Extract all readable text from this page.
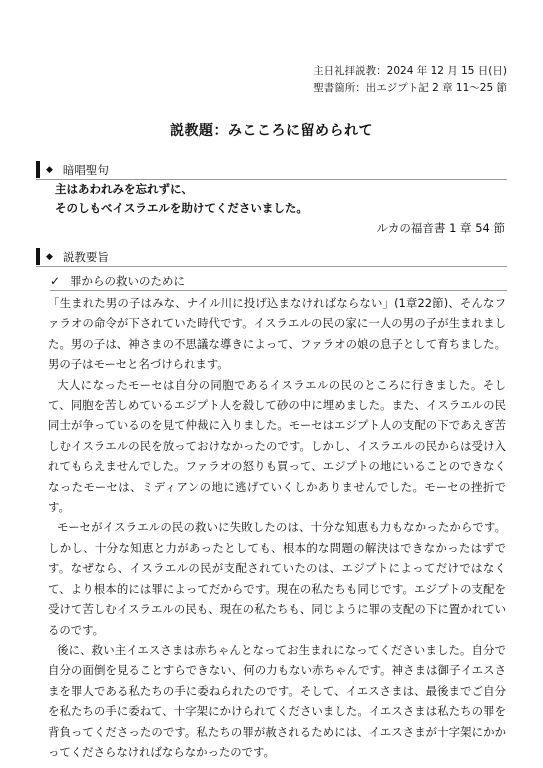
主日礼拝説教：2024 年 12 月 15 日(日)
聖書箇所：出エジプト記 2 章 11～25 節
説教題：みこころに留められて
◆ 暗唱聖句
主はあわれみを忘れずに、
そのしもべイスラエルを助けてくださいました。
ルカの福音書 1 章 54 節
◆ 説教要旨
✓ 罪からの救いのために

「生まれた男の子はみな、ナイル川に投げ込まなければならない」(1章22節)、そんなファラオの命令が下されていた時代です。イスラエルの民の家に一人の男の子が生まれました。男の子は、神さまの不思議な導きによって、ファラオの娘の息子として育ちました。男の子はモーセと名づけられます。

大人になったモーセは自分の同胞であるイスラエルの民のところに行きました。そして、同胞を苦しめているエジプト人を殺して砂の中に埋めました。また、イスラエルの民同士が争っているのを見て仲裁に入りました。モーセはエジプト人の支配の下であえぎ苦しむイスラエルの民を放っておけなかったのです。しかし、イスラエルの民からは受け入れてもらえませんでした。ファラオの怒りも買って、エジプトの地にいることのできなくなったモーセは、ミディアンの地に逃げていくしかありませんでした。モーセの挫折です。

モーセがイスラエルの民の救いに失敗したのは、十分な知恵も力もなかったからです。しかし、十分な知恵と力があったとしても、根本的な問題の解決はできなかったはずです。なぜなら、イスラエルの民が支配されていたのは、エジプトによってだけではなくて、より根本的には罪によってだからです。現在の私たちも同じです。エジプトの支配を受けて苦しむイスラエルの民も、現在の私たちも、同じように罪の支配の下に置かれているのです。

後に、救い主イエスさまは赤ちゃんとなってお生まれになってくださいました。自分で自分の面倒を見ることすらできない、何の力もない赤ちゃんです。神さまは御子イエスさまを罪人である私たちの手に委ねられたのです。そして、イエスさまは、最後までご自分を私たちの手に委ねて、十字架にかけられてくださいました。イエスさまは私たちの罪を背負ってくださったのです。私たちの罪が赦されるためには、イエスさまが十字架にかかってくださらなければならなかったのです。
